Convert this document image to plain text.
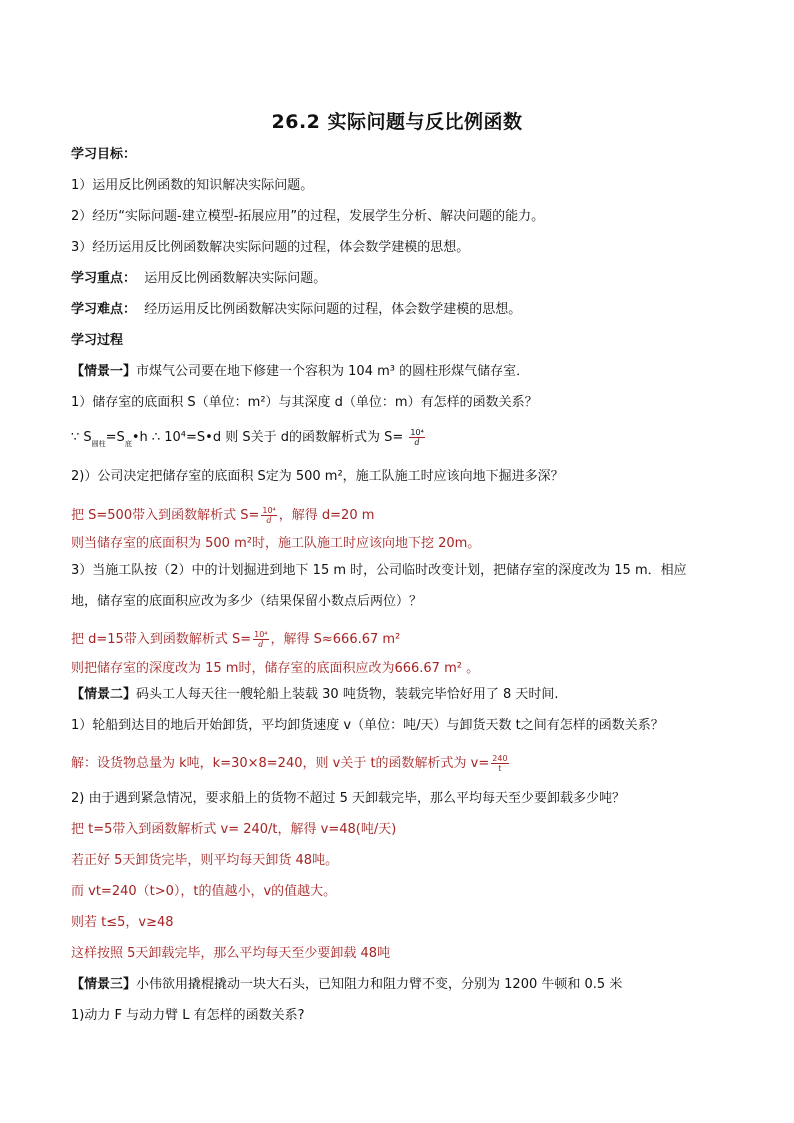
26.2 实际问题与反比例函数
学习目标：
1）运用反比例函数的知识解决实际问题。
2）经历“实际问题-建立模型-拓展应用”的过程，发展学生分析、解决问题的能力。
3）经历运用反比例函数解决实际问题的过程，体会数学建模的思想。
学习重点： 运用反比例函数解决实际问题。
学习难点： 经历运用反比例函数解决实际问题的过程，体会数学建模的思想。
学习过程
【情景一】市煤气公司要在地下修建一个容积为 104 m³ 的圆柱形煤气储存室．
1）储存室的底面积 S（单位：m²）与其深度 d（单位：m）有怎样的函数关系？
∵ $S_{圆柱}=S_底•h$ ∴ 10⁴=S•d 则 S关于 d的函数解析式为 $S= \frac{\text{10⁴}}{d}$
2)）公司决定把储存室的底面积 S定为 500 m²，施工队施工时应该向地下掘进多深？
把 S=500带入到函数解析式 $S= \frac{\text{10⁴}}{d}$ ，解得 d=20 m
则当储存室的底面积为 500 m²时，施工队施工时应该向地下挖 20m。
3）当施工队按（2）中的计划掘进到地下 15 m 时，公司临时改变计划，把储存室的深度改为 15 m．相应
地，储存室的底面积应改为多少（结果保留小数点后两位）？
把 d=15带入到函数解析式 $S= \frac{\text{10⁴}}{d}$ ，解得 S≈666.67 m²
则把储存室的深度改为 15 m时，储存室的底面积应改为666.67 m² 。
【情景二】码头工人每天往一艘轮船上装载 30 吨货物，装载完毕恰好用了 8 天时间.
1）轮船到达目的地后开始卸货，平均卸货速度 v（单位：吨/天）与卸货天数 t之间有怎样的函数关系？
解：设货物总量为 k吨，k=30×8=240，则 v关于 t的函数解析式为 $v= \frac{240}{t}$
2) 由于遇到紧急情况，要求船上的货物不超过 5 天卸载完毕，那么平均每天至少要卸载多少吨？
把 t=5带入到函数解析式 v= 240/t，解得 v=48(吨/天)
若正好 5天卸货完毕，则平均每天卸货 48吨。
而 vt=240（t>0），t的值越小，v的值越大。
则若 t≤5，v≥48
这样按照 5天卸载完毕，那么平均每天至少要卸载 48吨
【情景三】小伟欲用撬棍撬动一块大石头，已知阻力和阻力臂不变，分别为 1200 牛顿和 0.5 米
1)动力 F 与动力臂 L 有怎样的函数关系?
